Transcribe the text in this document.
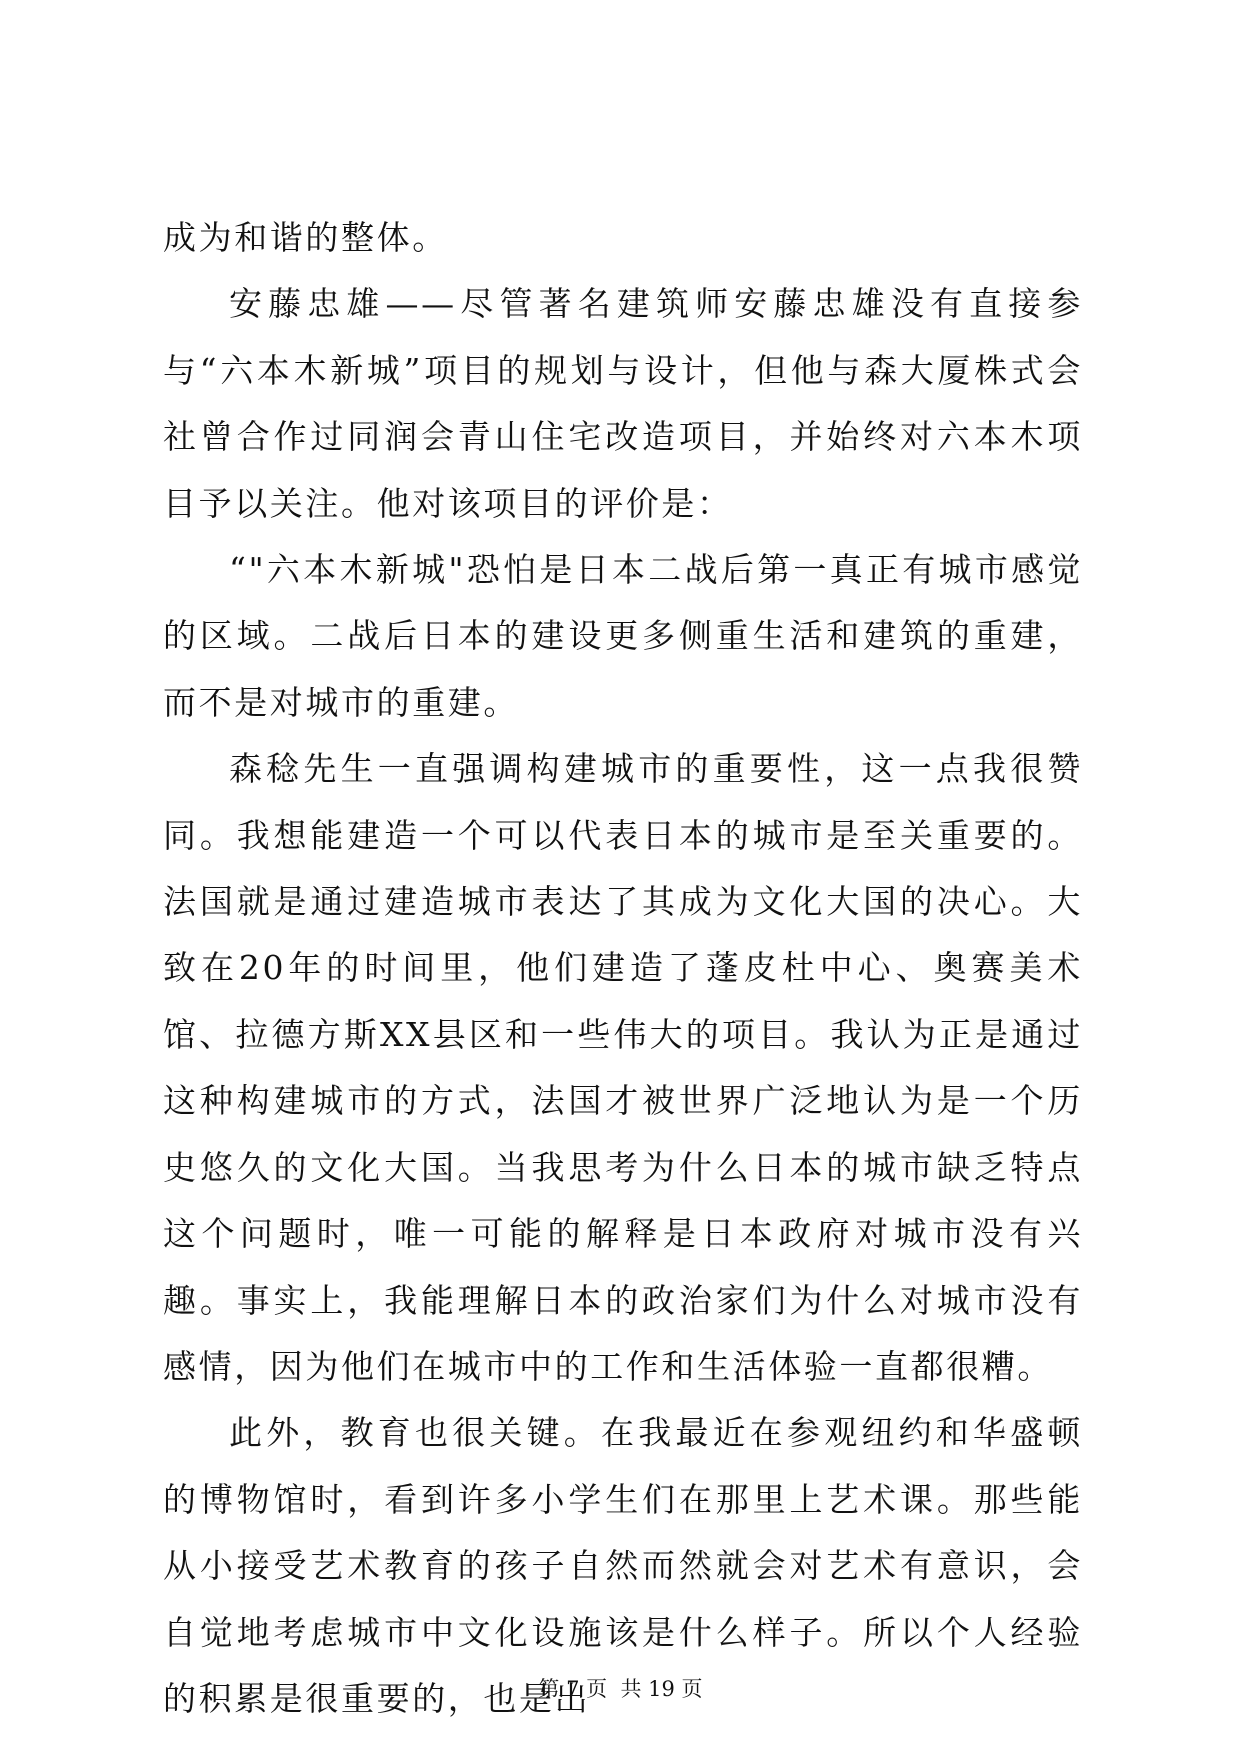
成为和谐的整体。

安藤忠雄——尽管著名建筑师安藤忠雄没有直接参与“六本木新城”项目的规划与设计，但他与森大厦株式会社曾合作过同润会青山住宅改造项目，并始终对六本木项目予以关注。他对该项目的评价是：

“"六本木新城"恐怕是日本二战后第一真正有城市感觉的区域。二战后日本的建设更多侧重生活和建筑的重建，而不是对城市的重建。

森稔先生一直强调构建城市的重要性，这一点我很赞同。我想能建造一个可以代表日本的城市是至关重要的。法国就是通过建造城市表达了其成为文化大国的决心。大致在20年的时间里，他们建造了蓬皮杜中心、奥赛美术馆、拉德方斯XX县区和一些伟大的项目。我认为正是通过这种构建城市的方式，法国才被世界广泛地认为是一个历史悠久的文化大国。当我思考为什么日本的城市缺乏特点这个问题时，唯一可能的解释是日本政府对城市没有兴趣。事实上，我能理解日本的政治家们为什么对城市没有感情，因为他们在城市中的工作和生活体验一直都很糟。

此外，教育也很关键。在我最近在参观纽约和华盛顿的博物馆时，看到许多小学生们在那里上艺术课。那些能从小接受艺术教育的孩子自然而然就会对艺术有意识，会自觉地考虑城市中文化设施该是什么样子。所以个人经验的积累是很重要的，也是出

第 7 页  共 19 页
